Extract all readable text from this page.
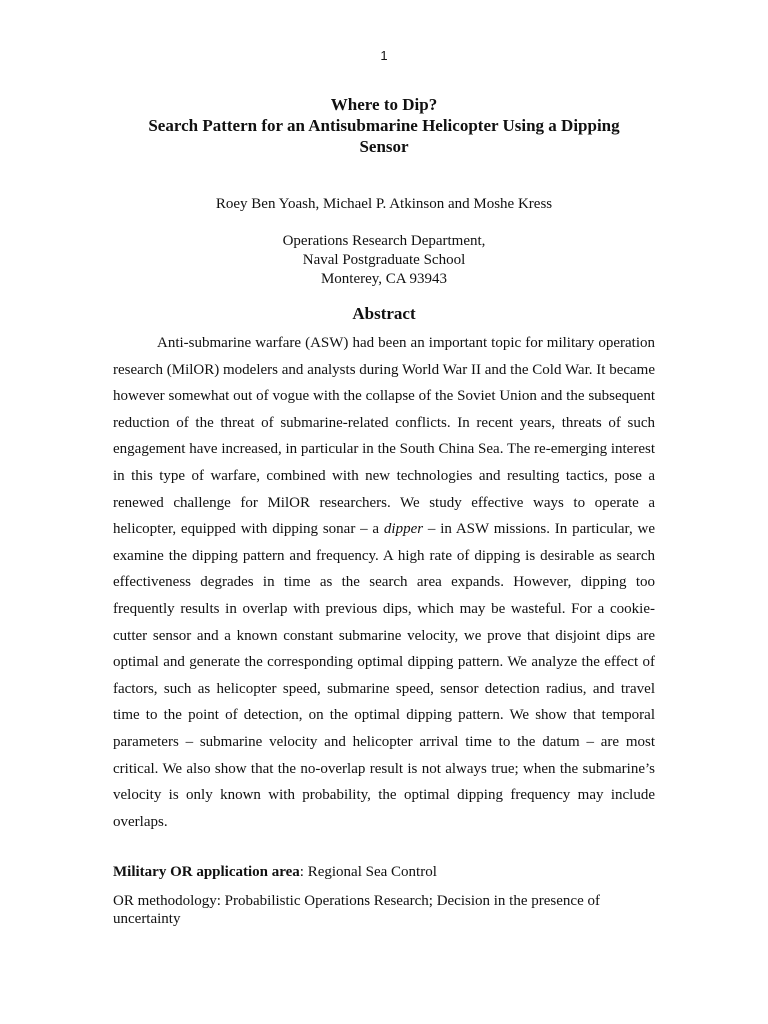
1
Where to Dip?
Search Pattern for an Antisubmarine Helicopter Using a Dipping
Sensor
Roey Ben Yoash, Michael P. Atkinson and Moshe Kress
Operations Research Department,
Naval Postgraduate School
Monterey, CA 93943
Abstract

Anti-submarine warfare (ASW) had been an important topic for military operation research (MilOR) modelers and analysts during World War II and the Cold War. It became however somewhat out of vogue with the collapse of the Soviet Union and the subsequent reduction of the threat of submarine-related conflicts. In recent years, threats of such engagement have increased, in particular in the South China Sea. The re-emerging interest in this type of warfare, combined with new technologies and resulting tactics, pose a renewed challenge for MilOR researchers. We study effective ways to operate a helicopter, equipped with dipping sonar – a dipper – in ASW missions. In particular, we examine the dipping pattern and frequency. A high rate of dipping is desirable as search effectiveness degrades in time as the search area expands. However, dipping too frequently results in overlap with previous dips, which may be wasteful. For a cookie-cutter sensor and a known constant submarine velocity, we prove that disjoint dips are optimal and generate the corresponding optimal dipping pattern. We analyze the effect of factors, such as helicopter speed, submarine speed, sensor detection radius, and travel time to the point of detection, on the optimal dipping pattern. We show that temporal parameters – submarine velocity and helicopter arrival time to the datum – are most critical. We also show that the no-overlap result is not always true; when the submarine’s velocity is only known with probability, the optimal dipping frequency may include overlaps.

Military OR application area: Regional Sea Control

OR methodology: Probabilistic Operations Research; Decision in the presence of uncertainty
